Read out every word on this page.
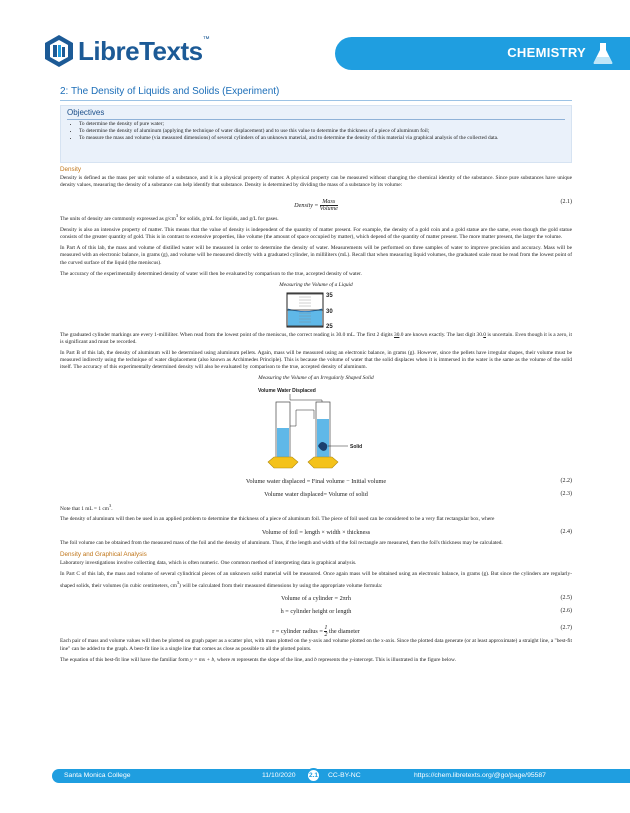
LibreTexts™
CHEMISTRY
2: The Density of Liquids and Solids (Experiment)
Objectives
• To determine the density of pure water;
• To determine the density of aluminum (applying the technique of water displacement) and to use this value to determine the thickness of a piece of aluminum foil;
• To measure the mass and volume (via measured dimensions) of several cylinders of an unknown material, and to determine the density of this material via graphical analysis of the collected data.
Density

Density is defined as the mass per unit volume of a substance, and it is a physical property of matter. A physical property can be measured without changing the chemical identity of the substance. Since pure substances have unique density values, measuring the density of a substance can help identify that substance. Density is determined by dividing the mass of a substance by its volume:

Density = $\frac{\text{Mass}}{\text{Volume}}$	(2.1)

The units of density are commonly expressed as $g/cm^3$ for solids, g/mL for liquids, and g/L for gases.

Density is also an intensive property of matter. This means that the value of density is independent of the quantity of matter present. For example, the density of a gold coin and a gold statue are the same, even though the gold statue consists of the greater quantity of gold. This is in contrast to extensive properties, like volume (the amount of space occupied by matter), which depend of the quantity of matter present. The more matter present, the larger the volume.

In Part A of this lab, the mass and volume of distilled water will be measured in order to determine the density of water. Measurements will be performed on three samples of water to improve precision and accuracy. Mass will be measured with an electronic balance, in grams (g), and volume will be measured directly with a graduated cylinder, in milliliters (mL). Recall that when measuring liquid volumes, the graduated scale must be read from the lowest point of the curved surface of the liquid (the meniscus).

The accuracy of the experimentally determined density of water will then be evaluated by comparison to the true, accepted density of water.

Measuring the Volume of a Liquid
35
30
25

The graduated cylinder markings are every 1-milliliter. When read from the lowest point of the meniscus, the correct reading is 30.0 mL. The first 2 digits 30.0 are known exactly. The last digit 30.0 is uncertain. Even though it is a zero, it is significant and must be recorded.

In Part B of this lab, the density of aluminum will be determined using aluminum pellets. Again, mass will be measured using an electronic balance, in grams (g). However, since the pellets have irregular shapes, their volume must be measured indirectly using the technique of water displacement (also known as Archimedes Principle). This is because the volume of water that the solid displaces when it is immersed in the water is the same as the volume of the solid itself. The accuracy of this experimentally determined density will also be evaluated by comparison to the true, accepted density of aluminum.

Measuring the Volume of an Irregularly Shaped Solid
Volume Water Displaced
Solid
Volume water displaced = Final volume − Initial volume	(2.2)
Volume water displaced= Volume of solid	(2.3)

Note that 1 mL = 1 $cm^3$.

The density of aluminum will then be used in an applied problem to determine the thickness of a piece of aluminum foil. The piece of foil used can be considered to be a very flat rectangular box, where

Volume of foil = length × width × thickness	(2.4)

The foil volume can be obtained from the measured mass of the foil and the density of aluminum. Thus, if the length and width of the foil rectangle are measured, then the foil's thickness may be calculated.

Density and Graphical Analysis

Laboratory investigations involve collecting data, which is often numeric. One common method of interpreting data is graphical analysis.

In Part C of this lab, the mass and volume of several cylindrical pieces of an unknown solid material will be measured. Once again mass will be obtained using an electronic balance, in grams (g). But since the cylinders are regularly-shaped solids, their volumes (in cubic centimeters, $cm^3$) will be calculated from their measured dimensions by using the appropriate volume formula:

Volume of a cylinder = 2πrh	(2.5)
h = cylinder height or length	(2.6)
r = cylinder radius = $\frac{1}{2}$ the diameter	(2.7)

Each pair of mass and volume values will then be plotted on graph paper as a scatter plot, with mass plotted on the y-axis and volume plotted on the x-axis. Since the plotted data generate (or at least approximate) a straight line, a "best-fit line" can be added to the graph. A best-fit line is a single line that comes as close as possible to all the plotted points.

The equation of this best-fit line will have the familiar form y = mx + b, where m represents the slope of the line, and b represents the y-intercept. This is illustrated in the figure below.

Santa Monica College	11/10/2020	2.1	CC-BY-NC	https://chem.libretexts.org/@go/page/95587
